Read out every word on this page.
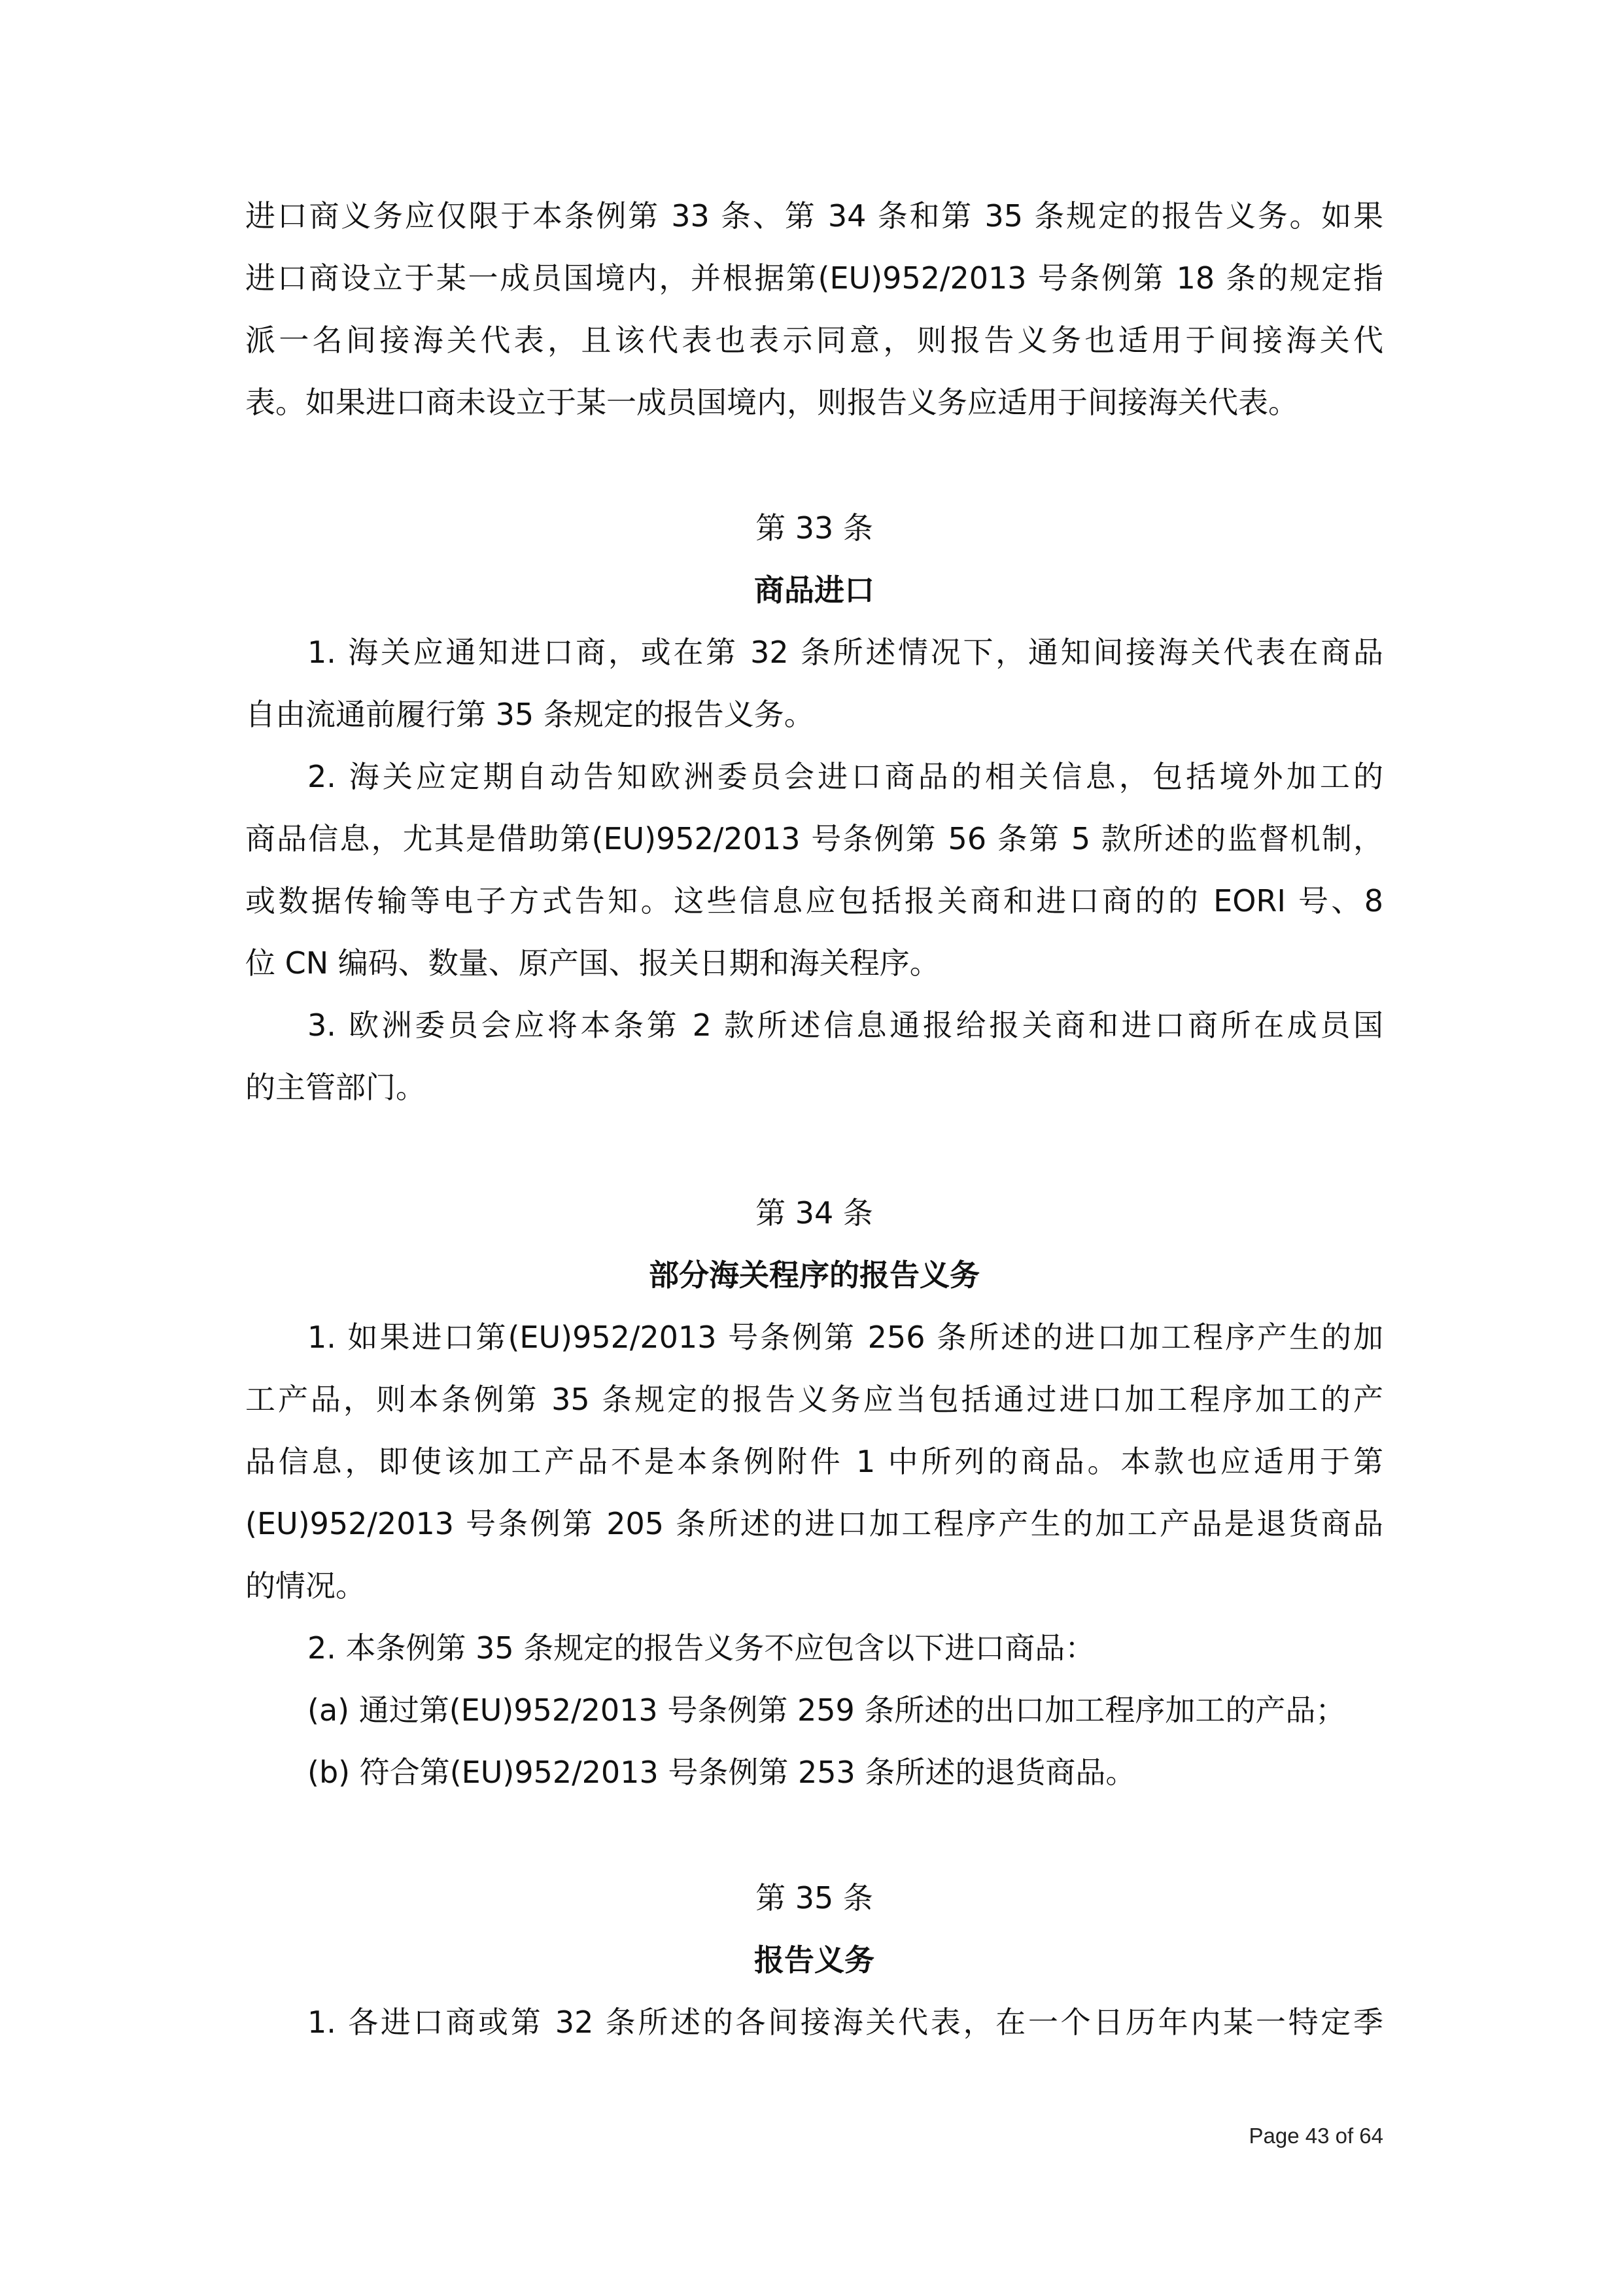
进口商义务应仅限于本条例第 33 条、第 34 条和第 35 条规定的报告义务。如果

进口商设立于某一成员国境内，并根据第(EU)952/2013 号条例第 18 条的规定指

派一名间接海关代表，且该代表也表示同意，则报告义务也适用于间接海关代

表。如果进口商未设立于某一成员国境内，则报告义务应适用于间接海关代表。

第 33 条

商品进口

1. 海关应通知进口商，或在第 32 条所述情况下，通知间接海关代表在商品

自由流通前履行第 35 条规定的报告义务。

2. 海关应定期自动告知欧洲委员会进口商品的相关信息，包括境外加工的

商品信息，尤其是借助第(EU)952/2013 号条例第 56 条第 5 款所述的监督机制，

或数据传输等电子方式告知。这些信息应包括报关商和进口商的的 EORI 号、8

位 CN 编码、数量、原产国、报关日期和海关程序。

3. 欧洲委员会应将本条第 2 款所述信息通报给报关商和进口商所在成员国

的主管部门。

第 34 条

部分海关程序的报告义务

1. 如果进口第(EU)952/2013 号条例第 256 条所述的进口加工程序产生的加

工产品，则本条例第 35 条规定的报告义务应当包括通过进口加工程序加工的产

品信息，即使该加工产品不是本条例附件 1 中所列的商品。本款也应适用于第

(EU)952/2013 号条例第 205 条所述的进口加工程序产生的加工产品是退货商品

的情况。

2. 本条例第 35 条规定的报告义务不应包含以下进口商品：

(a) 通过第(EU)952/2013 号条例第 259 条所述的出口加工程序加工的产品；

(b) 符合第(EU)952/2013 号条例第 253 条所述的退货商品。

第 35 条

报告义务

1. 各进口商或第 32 条所述的各间接海关代表，在一个日历年内某一特定季

Page 43 of 64
